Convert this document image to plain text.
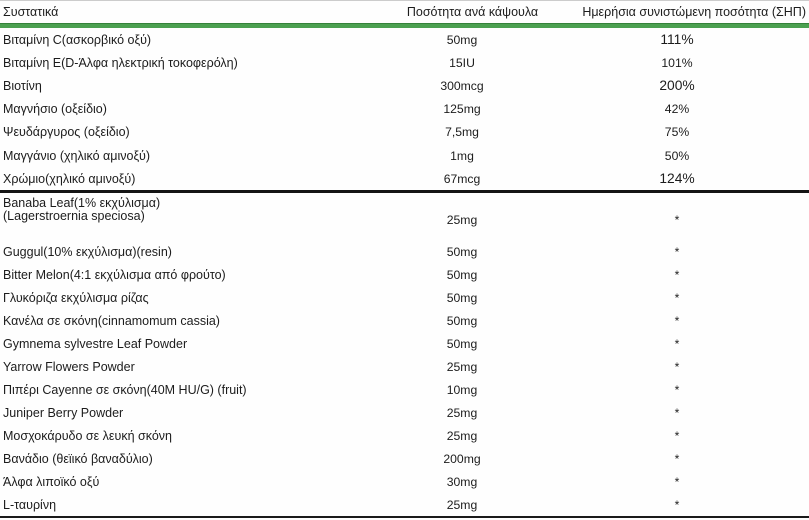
Συστατικά	Ποσότητα ανά κάψουλα	Ημερήσια συνιστώμενη ποσότητα (ΣΗΠ)
Βιταμίνη C(ασκορβικό οξύ)	50mg	111%
Βιταμίνη E(D-Άλφα ηλεκτρική τοκοφερόλη)	15IU	101%
Βιοτίνη	300mcg	200%
Μαγνήσιο (οξείδιο)	125mg	42%
Ψευδάργυρος (οξείδιο)	7,5mg	75%
Μαγγάνιο (χηλικό αμινοξύ)	1mg	50%
Χρώμιο(χηλικό αμινοξύ)	67mcg	124%
Banaba Leaf(1% εκχύλισμα)
(Lagerstroernia speciosa)	25mg	*
Guggul(10% εκχύλισμα)(resin)	50mg	*
Bitter Melon(4:1 εκχύλισμα από φρούτο)	50mg	*
Γλυκόριζα εκχύλισμα ρίζας	50mg	*
Κανέλα σε σκόνη(cinnamomum cassia)	50mg	*
Gymnema sylvestre Leaf Powder	50mg	*
Yarrow Flowers Powder	25mg	*
Πιπέρι Cayenne σε σκόνη(40M HU/G) (fruit)	10mg	*
Juniper Berry Powder	25mg	*
Μοσχοκάρυδο σε λευκή σκόνη	25mg	*
Βανάδιο (θεϊικό βαναδύλιο)	200mg	*
Άλφα λιποϊκό οξύ	30mg	*
L-ταυρίνη	25mg	*
